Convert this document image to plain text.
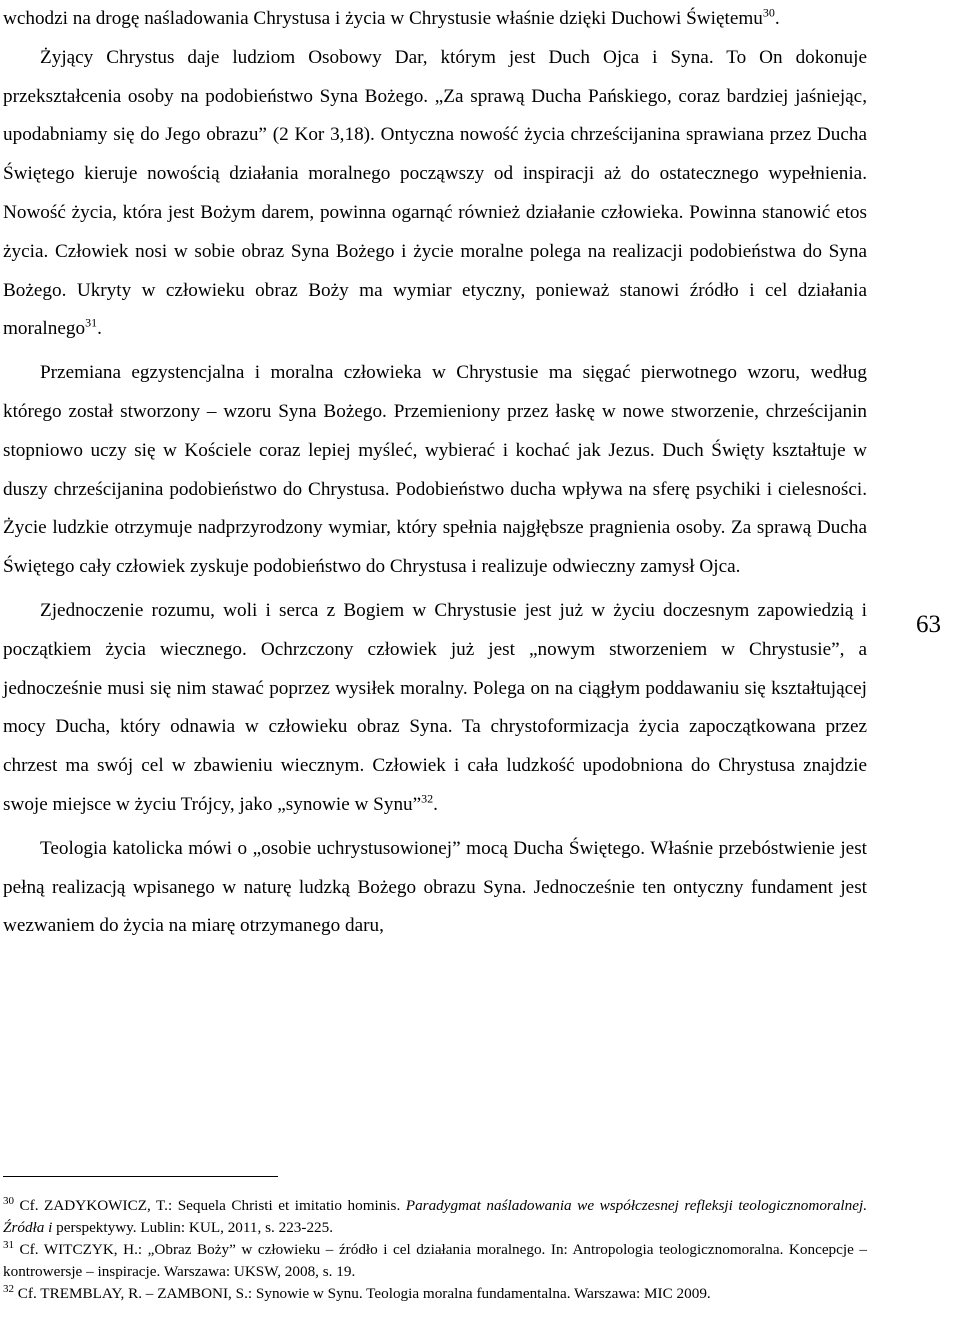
wchodzi na drogę naśladowania Chrystusa i życia w Chrystusie właśnie dzięki Duchowi Świętemu$^{30}$.

Żyjący Chrystus daje ludziom Osobowy Dar, którym jest Duch Ojca i Syna. To On dokonuje przekształcenia osoby na podobieństwo Syna Bożego. „Za sprawą Ducha Pańskiego, coraz bardziej jaśniejąc, upodabniamy się do Jego obrazu” (2 Kor 3,18). Ontyczna nowość życia chrześcijanina sprawiana przez Ducha Świętego kieruje nowością działania moralnego począwszy od inspiracji aż do ostatecznego wypełnienia. Nowość życia, która jest Bożym darem, powinna ogarnąć również działanie człowieka. Powinna stanowić etos życia. Człowiek nosi w sobie obraz Syna Bożego i życie moralne polega na realizacji podobieństwa do Syna Bożego. Ukryty w człowieku obraz Boży ma wymiar etyczny, ponieważ stanowi źródło i cel działania moralnego$^{31}$.

Przemiana egzystencjalna i moralna człowieka w Chrystusie ma sięgać pierwotnego wzoru, według którego został stworzony – wzoru Syna Bożego. Przemieniony przez łaskę w nowe stworzenie, chrześcijanin stopniowo uczy się w Kościele coraz lepiej myśleć, wybierać i kochać jak Jezus. Duch Święty kształtuje w duszy chrześcijanina podobieństwo do Chrystusa. Podobieństwo ducha wpływa na sferę psychiki i cielesności. Życie ludzkie otrzymuje nadprzyrodzony wymiar, który spełnia najgłębsze pragnienia osoby. Za sprawą Ducha Świętego cały człowiek zyskuje podobieństwo do Chrystusa i realizuje odwieczny zamysł Ojca.

Zjednoczenie rozumu, woli i serca z Bogiem w Chrystusie jest już w życiu doczesnym zapowiedzią i początkiem życia wiecznego. Ochrzczony człowiek już jest „nowym stworzeniem w Chrystusie”, a jednocześnie musi się nim stawać poprzez wysiłek moralny. Polega on na ciągłym poddawaniu się kształtującej mocy Ducha, który odnawia w człowieku obraz Syna. Ta chrystoformizacja życia zapoczątkowana przez chrzest ma swój cel w zbawieniu wiecznym. Człowiek i cała ludzkość upodobniona do Chrystusa znajdzie swoje miejsce w życiu Trójcy, jako „synowie w Synu”$^{32}$.

Teologia katolicka mówi o „osobie uchrystusowionej” mocą Ducha Świętego. Właśnie przebóstwienie jest pełną realizacją wpisanego w naturę ludzką Bożego obrazu Syna. Jednocześnie ten ontyczny fundament jest wezwaniem do życia na miarę otrzymanego daru,

63

$^{30}$ Cf. ZADYKOWICZ, T.: Sequela Christi et imitatio hominis. Paradygmat naśladowania we współczesnej refleksji teologicznomoralnej. Źródła i perspektywy. Lublin: KUL, 2011, s. 223-225.

$^{31}$ Cf. WITCZYK, H.: „Obraz Boży” w człowieku – źródło i cel działania moralnego. In: Antropologia teologicznomoralna. Koncepcje – kontrowersje – inspiracje. Warszawa: UKSW, 2008, s. 19.

$^{32}$ Cf. TREMBLAY, R. – ZAMBONI, S.: Synowie w Synu. Teologia moralna fundamentalna. Warszawa: MIC 2009.
